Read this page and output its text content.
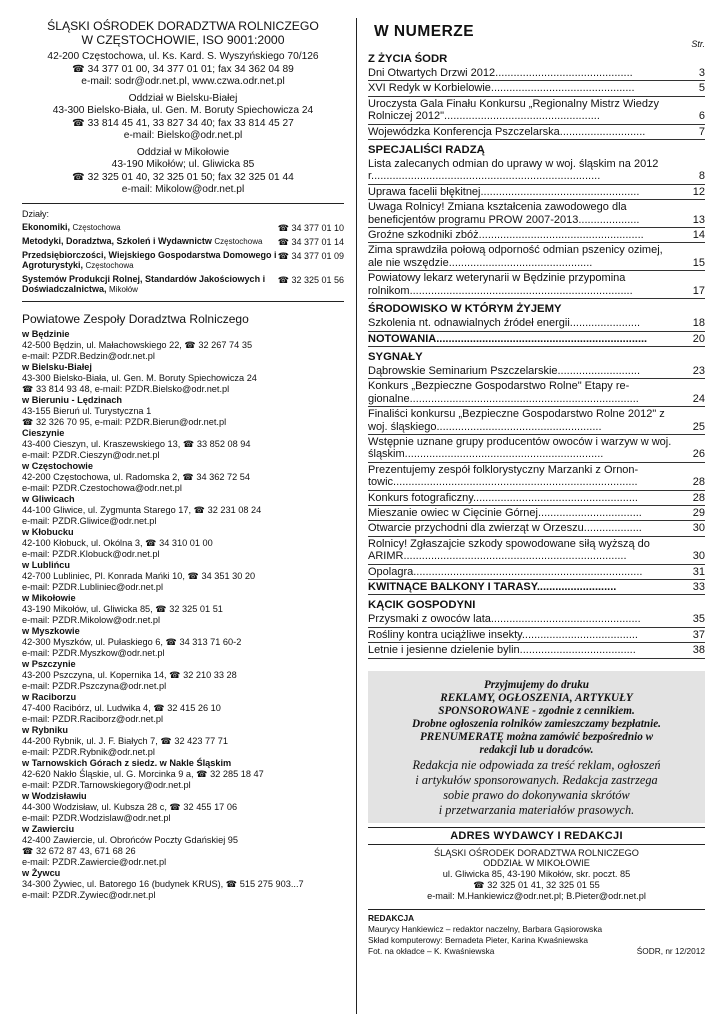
ŚLĄSKI OŚRODEK DORADZTWA ROLNICZEGO
W CZĘSTOCHOWIE, ISO 9001:2000
42-200 Częstochowa, ul. Ks. Kard. S. Wyszyńskiego 70/126
☎ 34 377 01 00, 34 377 01 01; fax 34 362 04 89
e-mail: sodr@odr.net.pl, www.czwa.odr.net.pl
Oddział w Bielsku-Białej
43-300 Bielsko-Biała, ul. Gen. M. Boruty Spiechowicza 24
☎ 33 814 45 41, 33 827 34 40; fax 33 814 45 27
e-mail: Bielsko@odr.net.pl
Oddział w Mikołowie
43-190 Mikołów; ul. Gliwicka 85
☎ 32 325 01 40, 32 325 01 50; fax 32 325 01 44
e-mail: Mikolow@odr.net.pl
Działy:
Ekonomiki, Częstochowa	☎ 34 377 01 10
Metodyki, Doradztwa, Szkoleń i Wydawnictw Częstochowa ☎ 34 377 01 14
Przedsiębiorczości, Wiejskiego Gospodarstwa Domowego i Agroturystyki, Częstochowa
☎ 34 377 01 09
Systemów Produkcji Rolnej, Standardów Jakościowych i Doświadczalnictwa, Mikołów
☎ 32 325 01 56
Powiatowe Zespoły Doradztwa Rolniczego
w Będzinie
42-500 Będzin, ul. Małachowskiego 22, ☎ 32 267 74 35
e-mail: PZDR.Bedzin@odr.net.pl
w Bielsku-Białej
43-300 Bielsko-Biała, ul. Gen. M. Boruty Spiechowicza 24
☎ 33 814 93 48, e-mail: PZDR.Bielsko@odr.net.pl
w Bieruniu - Lędzinach
43-155 Bieruń ul. Turystyczna 1
☎ 32 326 70 95, e-mail: PZDR.Bierun@odr.net.pl
Cieszynie
43-400 Cieszyn, ul. Kraszewskiego 13, ☎ 33 852 08 94
e-mail: PZDR.Cieszyn@odr.net.pl
w Częstochowie
42-200 Częstochowa, ul. Radomska 2, ☎ 34 362 72 54
e-mail: PZDR.Czestochowa@odr.net.pl
w Gliwicach
44-100 Gliwice, ul. Zygmunta Starego 17, ☎ 32 231 08 24
e-mail: PZDR.Gliwice@odr.net.pl
w Kłobucku
42-100 Kłobuck, ul. Okólna 3, ☎ 34 310 01 00
e-mail: PZDR.Klobuck@odr.net.pl
w Lublińcu
42-700 Lubliniec, Pl. Konrada Mańki 10, ☎ 34 351 30 20
e-mail: PZDR.Lubliniec@odr.net.pl
w Mikołowie
43-190 Mikołów, ul. Gliwicka 85, ☎ 32 325 01 51
e-mail: PZDR.Mikolow@odr.net.pl
w Myszkowie
42-300 Myszków, ul. Pułaskiego 6, ☎ 34 313 71 60-2
e-mail: PZDR.Myszkow@odr.net.pl
w Pszczynie
43-200 Pszczyna, ul. Kopernika 14, ☎ 32 210 33 28
e-mail: PZDR.Pszczyna@odr.net.pl
w Raciborzu
47-400 Racibórz, ul. Ludwika 4, ☎ 32 415 26 10
e-mail: PZDR.Raciborz@odr.net.pl
w Rybniku
44-200 Rybnik, ul. J. F. Białych 7, ☎ 32 423 77 71
e-mail: PZDR.Rybnik@odr.net.pl
w Tarnowskich Górach z siedz. w Nakle Śląskim
42-620 Nakło Śląskie, ul. G. Morcinka 9 a, ☎ 32 285 18 47
e-mail: PZDR.Tarnowskiegory@odr.net.pl
w Wodzisławiu
44-300 Wodzisław, ul. Kubsza 28 c, ☎ 32 455 17 06
e-mail: PZDR.Wodzislaw@odr.net.pl
w Zawierciu
42-400 Zawiercie, ul. Obrońców Poczty Gdańskiej 95
☎ 32 672 87 43, 671 68 26
e-mail: PZDR.Zawiercie@odr.net.pl
w Żywcu
34-300 Żywiec, ul. Batorego 16 (budynek KRUS), ☎ 515 275 903...7
e-mail: PZDR.Zywiec@odr.net.pl
W NUMERZE
Str.
Z ŻYCIA ŚODR
Dni Otwartych Drzwi 2012.............................................	3
XVI Redyk w Korbielowie...............................................	5
Uroczysta Gala Finału Konkursu „Regionalny Mistrz Wiedzy Rolniczej 2012"...................................................	6
Wojewódzka Konferencja Pszczelarska............................	7
SPECJALIŚCI RADZĄ
Lista zalecanych odmian do uprawy w woj. śląskim na 2012 r...........................................................................	8
Uprawa facelii błękitnej....................................................	12
Uwaga Rolnicy! Zmiana kształcenia zawodowego dla beneficjentów programu PROW 2007-2013....................	13
Groźne szkodniki zbóż......................................................	14
Zima sprawdziła połową odporność odmian pszenicy ozimej, ale nie wszędzie...............................................	15
Powiatowy lekarz weterynarii w Będzinie przypomina rolnikom.........................................................................	17
ŚRODOWISKO W KTÓRYM ŻYJEMY
Szkolenia nt. odnawialnych źródeł energii.......................	18
NOTOWANIA.....................................................................	20
SYGNAŁY
Dąbrowskie Seminarium Pszczelarskie...........................	23
Konkurs „Bezpieczne Gospodarstwo Rolne" Etapy re- gionalne...........................................................................	24
Finaliści konkursu „Bezpieczne Gospodarstwo Rolne 2012" z woj. śląskiego......................................................	25
Wstępnie uznane grupy producentów owoców i warzyw w woj. śląskim.................................................................	26
Prezentujemy zespół folklorystyczny Marzanki z Ornon- towic................................................................................	28
Konkurs fotograficzny......................................................	28
Mieszanie owiec w Cięcinie Górnej..................................	29
Otwarcie przychodni dla zwierząt w Orzeszu...................	30
Rolnicy! Zgłaszajcie szkody spowodowane siłą wyższą do ARIMR.........................................................................	30
Opolagra...........................................................................	31
KWITNĄCE BALKONY I TARASY..........................	33
KĄCIK GOSPODYNI
Przysmaki z owoców lata.................................................	35
Rośliny kontra uciążliwe insekty......................................	37
Letnie i jesienne dzielenie bylin......................................	38
Przyjmujemy do druku
REKLAMY, OGŁOSZENIA, ARTYKUŁY
SPONSOROWANE - zgodnie z cennikiem.
Drobne ogłoszenia rolników zamieszczamy bezpłatnie.
PRENUMERATĘ można zamówić bezpośrednio w
redakcji lub u doradców.
Redakcja nie odpowiada za treść reklam, ogłoszeń
i artykułów sponsorowanych. Redakcja zastrzega
sobie prawo do dokonywania skrótów
i przetwarzania materiałów prasowych.
ADRES WYDAWCY I REDAKCJI
ŚLĄSKI OŚRODEK DORADZTWA ROLNICZEGO
ODDZIAŁ W MIKOŁOWIE
ul. Gliwicka 85, 43-190 Mikołów, skr. poczt. 85
☎ 32 325 01 41, 32 325 01 55
e-mail: M.Hankiewicz@odr.net.pl; B.Pieter@odr.net.pl
REDAKCJA
Maurycy Hankiewicz – redaktor naczelny, Barbara Gąsiorowska
Skład komputerowy: Bernadeta Pieter, Karina Kwaśniewska
Fot. na okładce – K. Kwaśniewska	ŚODR, nr 12/2012
